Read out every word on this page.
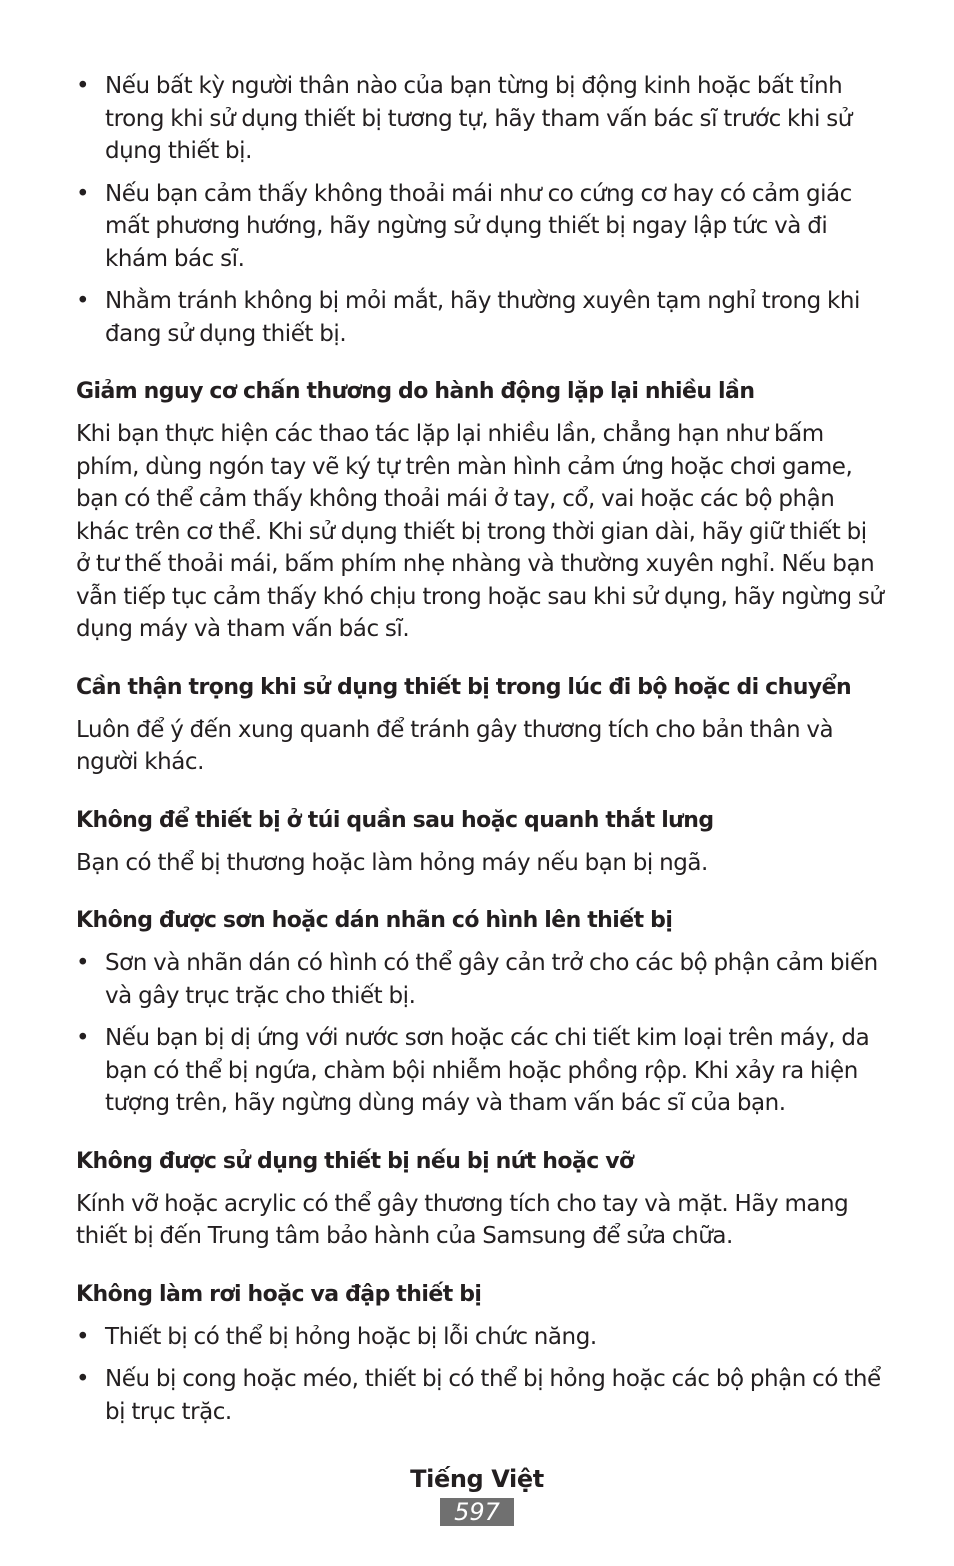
• Nếu bất kỳ người thân nào của bạn từng bị động kinh hoặc bất tỉnh trong khi sử dụng thiết bị tương tự, hãy tham vấn bác sĩ trước khi sử dụng thiết bị.
• Nếu bạn cảm thấy không thoải mái như co cứng cơ hay có cảm giác mất phương hướng, hãy ngừng sử dụng thiết bị ngay lập tức và đi khám bác sĩ.
• Nhằm tránh không bị mỏi mắt, hãy thường xuyên tạm nghỉ trong khi đang sử dụng thiết bị.
Giảm nguy cơ chấn thương do hành động lặp lại nhiều lần

Khi bạn thực hiện các thao tác lặp lại nhiều lần, chẳng hạn như bấm phím, dùng ngón tay vẽ ký tự trên màn hình cảm ứng hoặc chơi game, bạn có thể cảm thấy không thoải mái ở tay, cổ, vai hoặc các bộ phận khác trên cơ thể. Khi sử dụng thiết bị trong thời gian dài, hãy giữ thiết bị ở tư thế thoải mái, bấm phím nhẹ nhàng và thường xuyên nghỉ. Nếu bạn vẫn tiếp tục cảm thấy khó chịu trong hoặc sau khi sử dụng, hãy ngừng sử dụng máy và tham vấn bác sĩ.

Cần thận trọng khi sử dụng thiết bị trong lúc đi bộ hoặc di chuyển

Luôn để ý đến xung quanh để tránh gây thương tích cho bản thân và người khác.

Không để thiết bị ở túi quần sau hoặc quanh thắt lưng

Bạn có thể bị thương hoặc làm hỏng máy nếu bạn bị ngã.

Không được sơn hoặc dán nhãn có hình lên thiết bị
• Sơn và nhãn dán có hình có thể gây cản trở cho các bộ phận cảm biến và gây trục trặc cho thiết bị.
• Nếu bạn bị dị ứng với nước sơn hoặc các chi tiết kim loại trên máy, da bạn có thể bị ngứa, chàm bội nhiễm hoặc phồng rộp. Khi xảy ra hiện tượng trên, hãy ngừng dùng máy và tham vấn bác sĩ của bạn.
Không được sử dụng thiết bị nếu bị nứt hoặc vỡ

Kính vỡ hoặc acrylic có thể gây thương tích cho tay và mặt. Hãy mang thiết bị đến Trung tâm bảo hành của Samsung để sửa chữa.

Không làm rơi hoặc va đập thiết bị
• Thiết bị có thể bị hỏng hoặc bị lỗi chức năng.
• Nếu bị cong hoặc méo, thiết bị có thể bị hỏng hoặc các bộ phận có thể bị trục trặc.
Tiếng Việt
597
